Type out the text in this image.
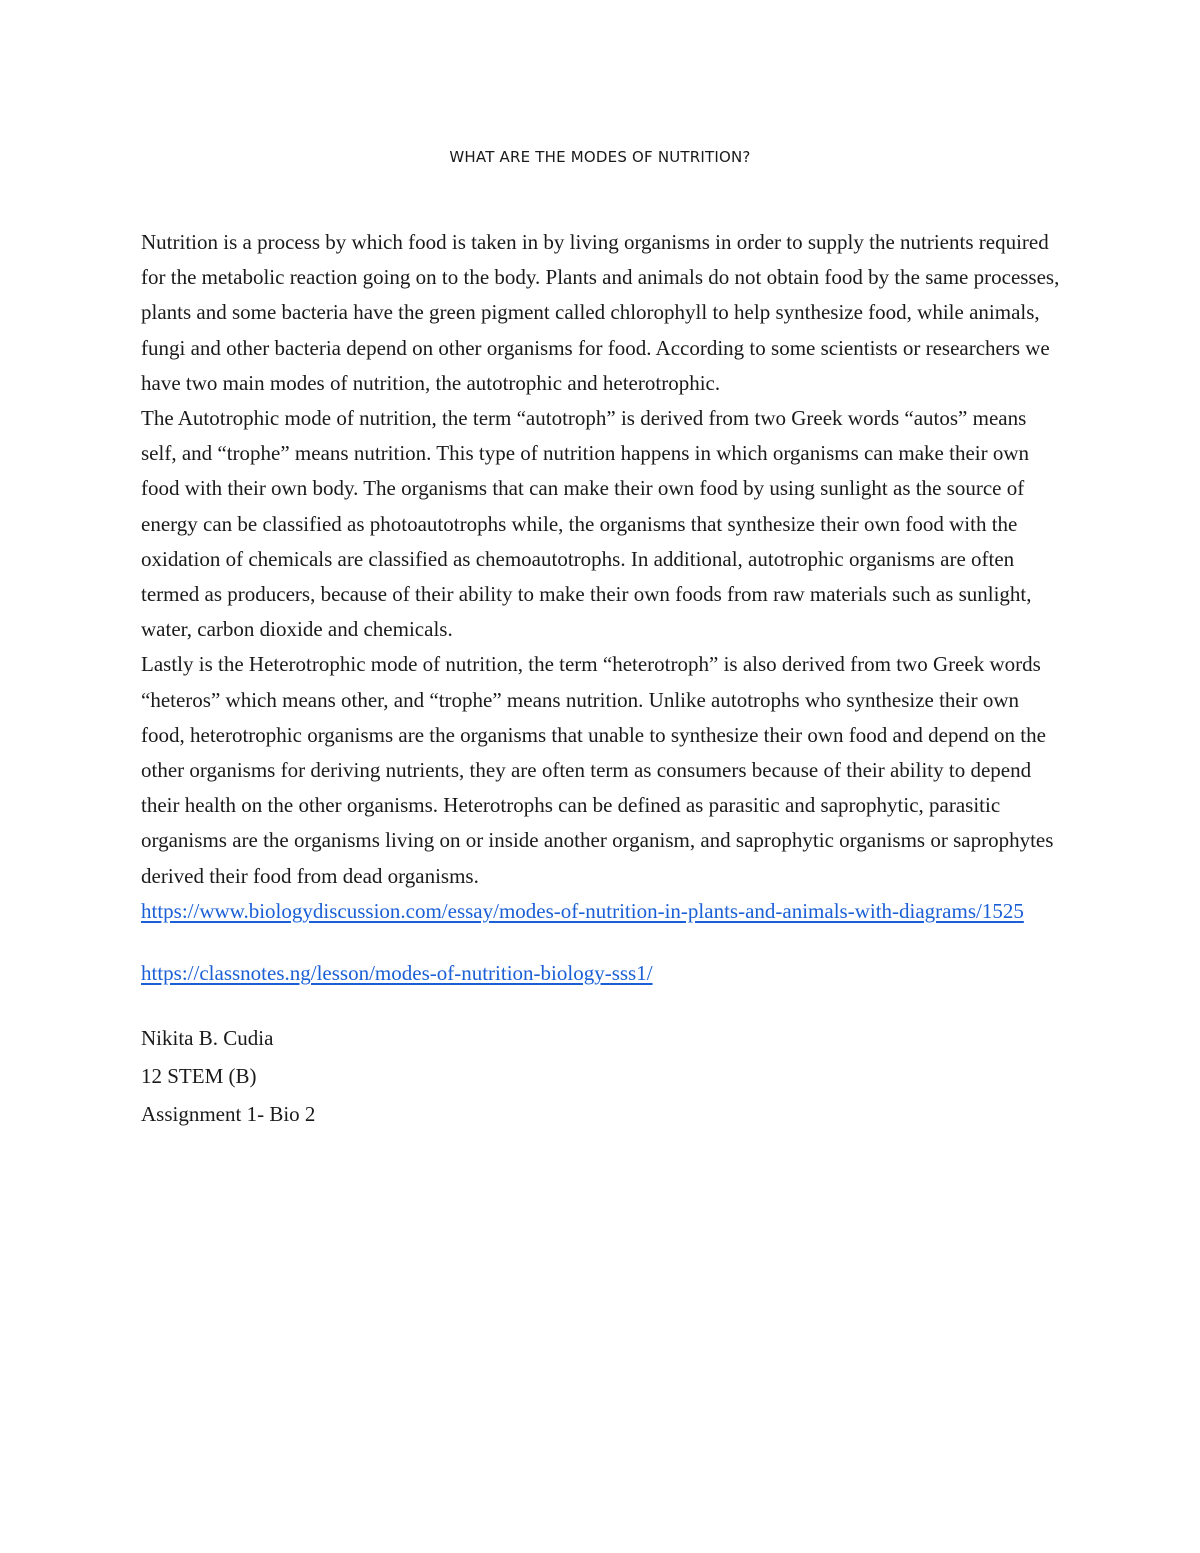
WHAT ARE THE MODES OF NUTRITION?

Nutrition is a process by which food is taken in by living organisms in order to supply the nutrients required for the metabolic reaction going on to the body. Plants and animals do not obtain food by the same processes, plants and some bacteria have the green pigment called chlorophyll to help synthesize food, while animals, fungi and other bacteria depend on other organisms for food. According to some scientists or researchers we have two main modes of nutrition, the autotrophic and heterotrophic.

The Autotrophic mode of nutrition, the term “autotroph” is derived from two Greek words “autos” means self, and “trophe” means nutrition. This type of nutrition happens in which organisms can make their own food with their own body. The organisms that can make their own food by using sunlight as the source of energy can be classified as photoautotrophs while, the organisms that synthesize their own food with the oxidation of chemicals are classified as chemoautotrophs. In additional, autotrophic organisms are often termed as producers, because of their ability to make their own foods from raw materials such as sunlight, water, carbon dioxide and chemicals.

Lastly is the Heterotrophic mode of nutrition, the term “heterotroph” is also derived from two Greek words “heteros” which means other, and “trophe” means nutrition. Unlike autotrophs who synthesize their own food, heterotrophic organisms are the organisms that unable to synthesize their own food and depend on the other organisms for deriving nutrients, they are often term as consumers because of their ability to depend their health on the other organisms. Heterotrophs can be defined as parasitic and saprophytic, parasitic organisms are the organisms living on or inside another organism, and saprophytic organisms or saprophytes derived their food from dead organisms.

https://www.biologydiscussion.com/essay/modes-of-nutrition-in-plants-and-animals-with-diagrams/1525
https://classnotes.ng/lesson/modes-of-nutrition-biology-sss1/

Nikita B. Cudia

12 STEM (B)

Assignment 1- Bio 2
